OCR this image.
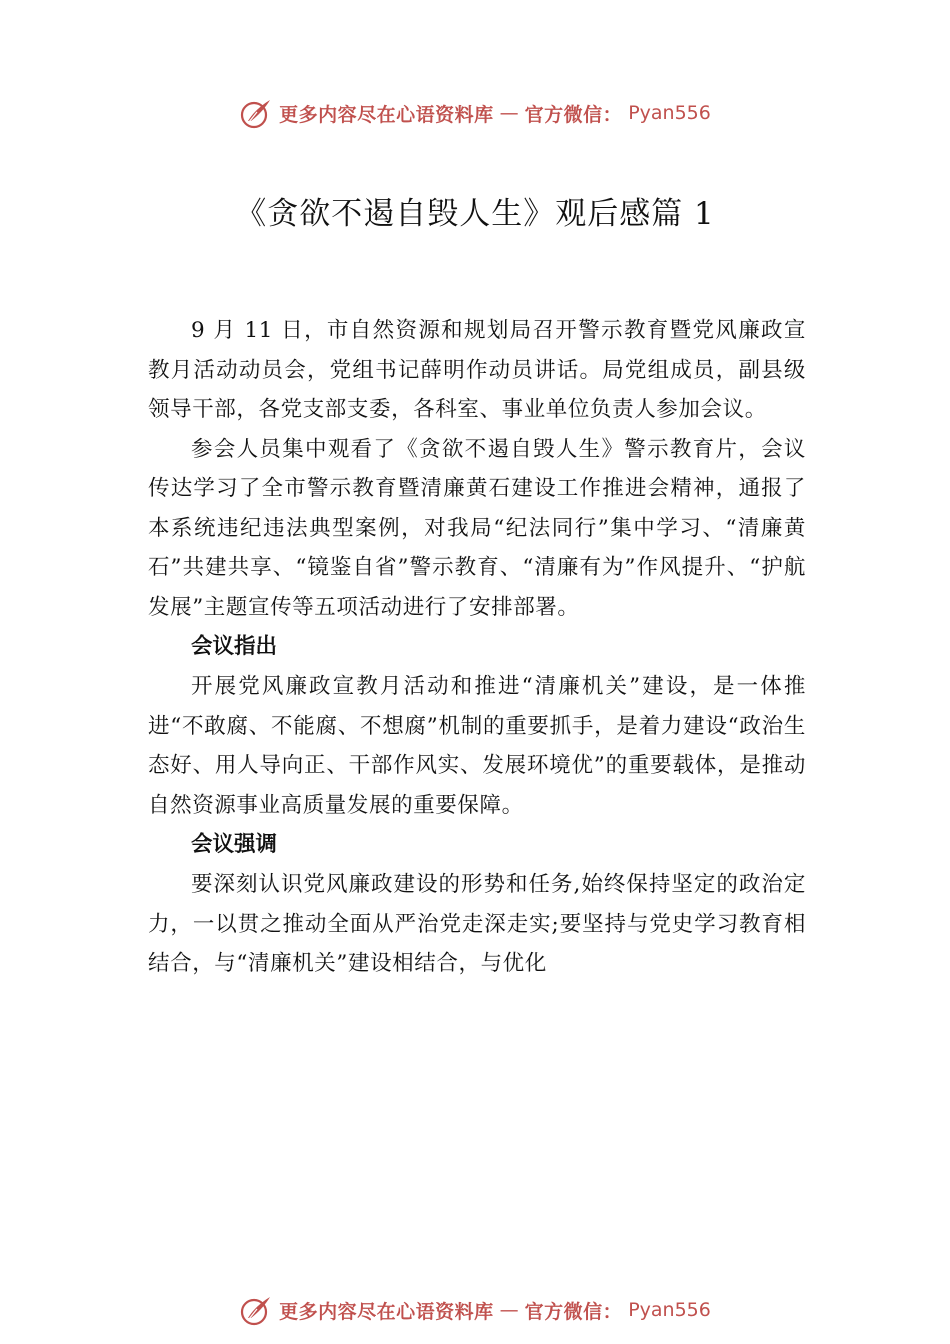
更多内容尽在心语资料库 — 官方微信： Pyan556
《贪欲不遏自毁人生》观后感篇 1

9 月 11 日，市自然资源和规划局召开警示教育暨党风廉政宣教月活动动员会，党组书记薛明作动员讲话。局党组成员，副县级领导干部，各党支部支委，各科室、事业单位负责人参加会议。

参会人员集中观看了《贪欲不遏自毁人生》警示教育片，会议传达学习了全市警示教育暨清廉黄石建设工作推进会精神，通报了本系统违纪违法典型案例，对我局“纪法同行”集中学习、“清廉黄石”共建共享、“镜鉴自省”警示教育、“清廉有为”作风提升、“护航发展”主题宣传等五项活动进行了安排部署。

会议指出

开展党风廉政宣教月活动和推进“清廉机关”建设，是一体推进“不敢腐、不能腐、不想腐”机制的重要抓手，是着力建设“政治生态好、用人导向正、干部作风实、发展环境优”的重要载体，是推动自然资源事业高质量发展的重要保障。

会议强调

要深刻认识党风廉政建设的形势和任务,始终保持坚定的政治定力，一以贯之推动全面从严治党走深走实;要坚持与党史学习教育相结合，与“清廉机关”建设相结合，与优化

更多内容尽在心语资料库 — 官方微信： Pyan556
